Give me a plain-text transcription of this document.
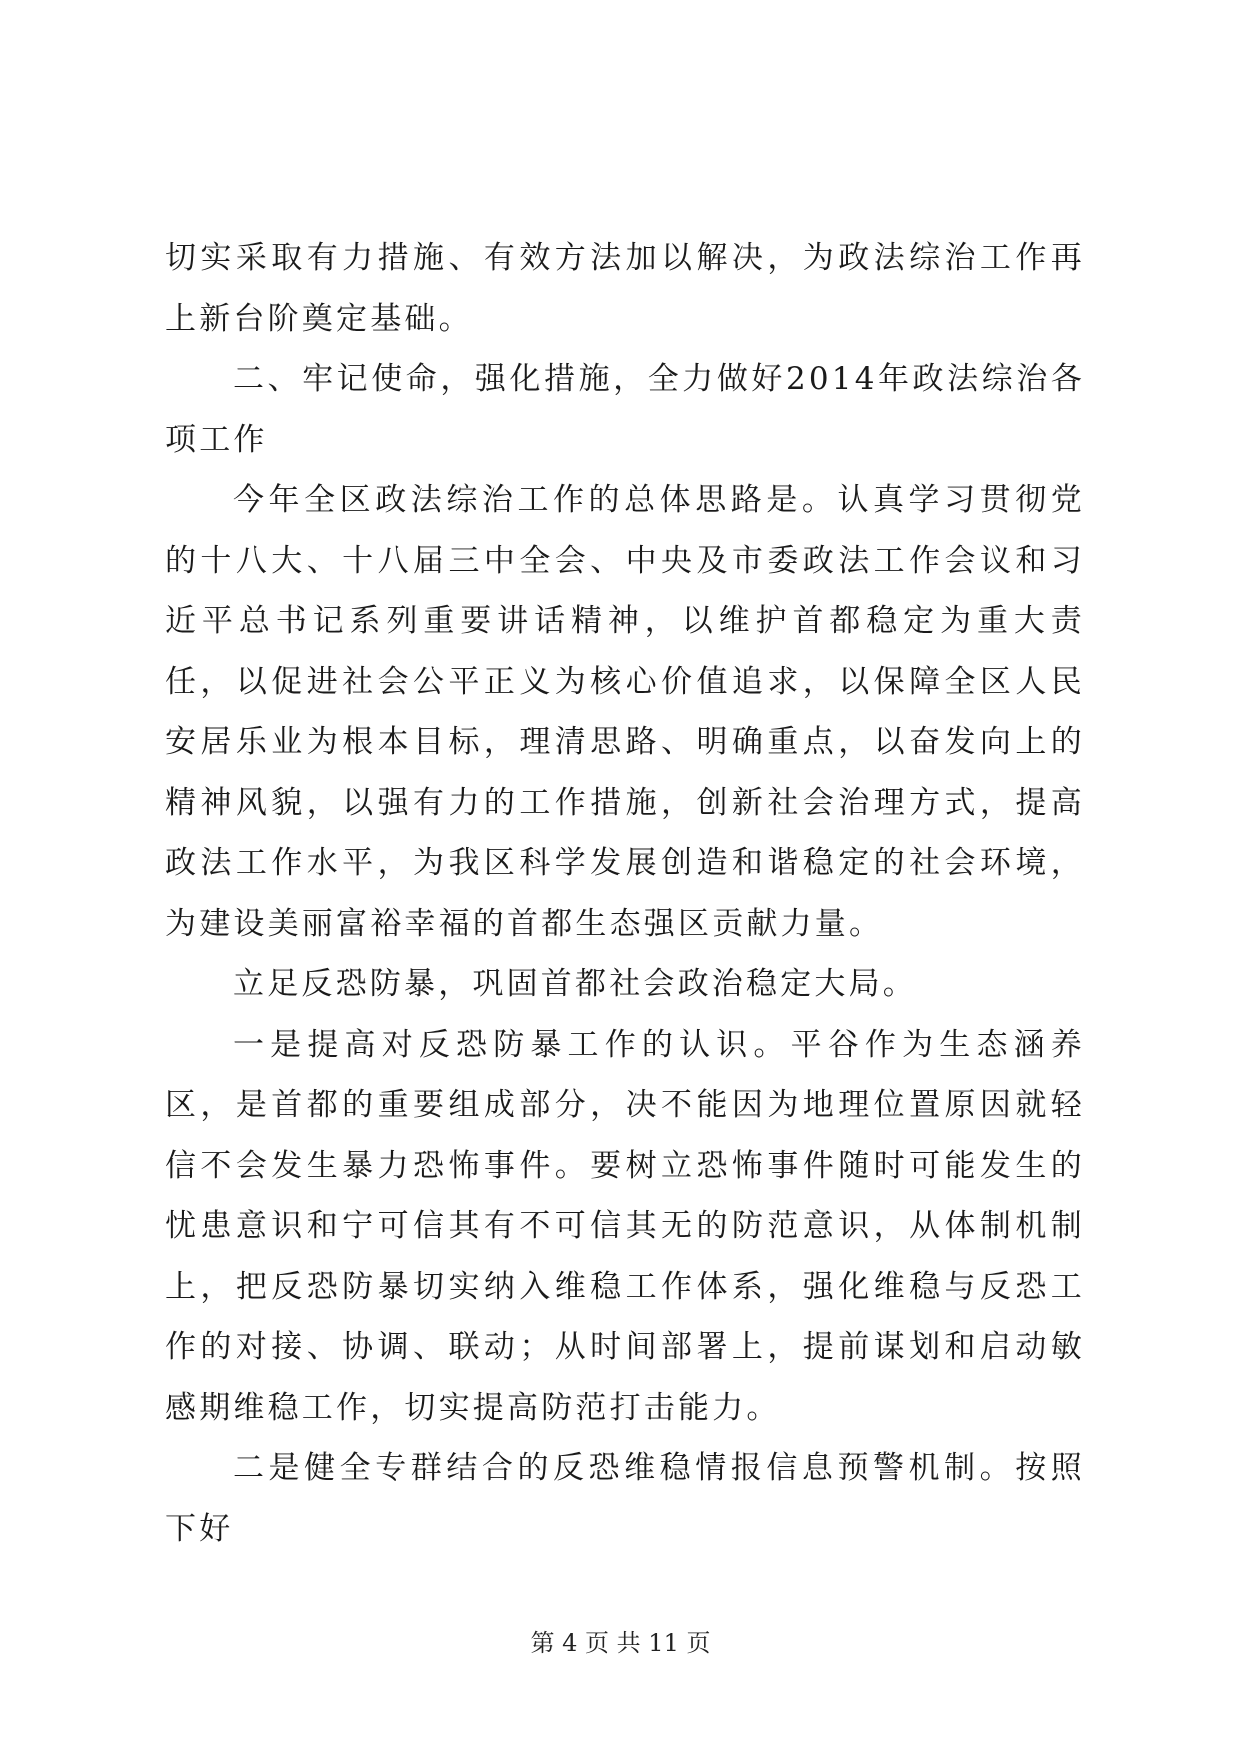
切实采取有力措施、有效方法加以解决，为政法综治工作再上新台阶奠定基础。

二、牢记使命，强化措施，全力做好2014年政法综治各项工作

今年全区政法综治工作的总体思路是。认真学习贯彻党的十八大、十八届三中全会、中央及市委政法工作会议和习近平总书记系列重要讲话精神，以维护首都稳定为重大责任，以促进社会公平正义为核心价值追求，以保障全区人民安居乐业为根本目标，理清思路、明确重点，以奋发向上的精神风貌，以强有力的工作措施，创新社会治理方式，提高政法工作水平，为我区科学发展创造和谐稳定的社会环境，为建设美丽富裕幸福的首都生态强区贡献力量。

立足反恐防暴，巩固首都社会政治稳定大局。

一是提高对反恐防暴工作的认识。平谷作为生态涵养区，是首都的重要组成部分，决不能因为地理位置原因就轻信不会发生暴力恐怖事件。要树立恐怖事件随时可能发生的忧患意识和宁可信其有不可信其无的防范意识，从体制机制上，把反恐防暴切实纳入维稳工作体系，强化维稳与反恐工作的对接、协调、联动；从时间部署上，提前谋划和启动敏感期维稳工作，切实提高防范打击能力。

二是健全专群结合的反恐维稳情报信息预警机制。按照下好

第 4 页 共 11 页
